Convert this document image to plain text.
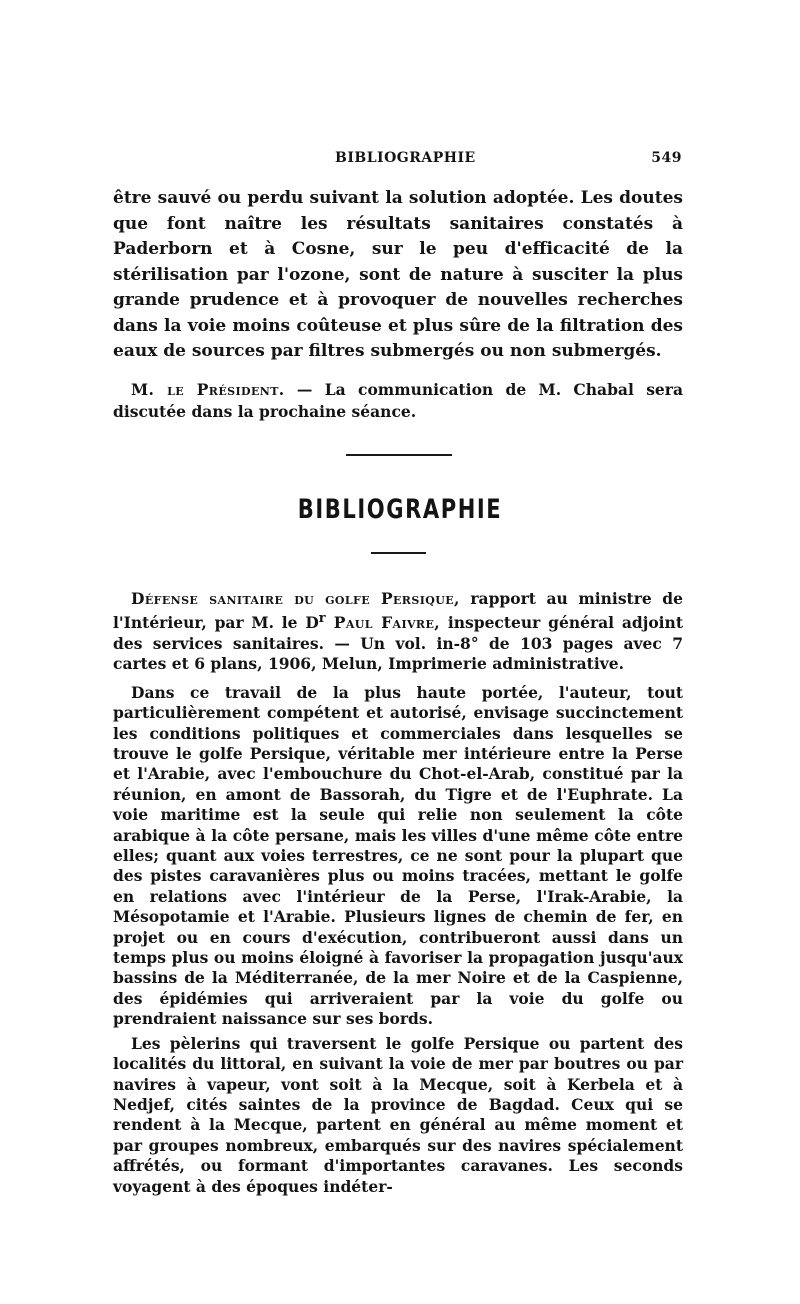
BIBLIOGRAPHIE	549

être sauvé ou perdu suivant la solution adoptée. Les doutes que font naître les résultats sanitaires constatés à Paderborn et à Cosne, sur le peu d'efficacité de la stérilisation par l'ozone, sont de nature à susciter la plus grande prudence et à provoquer de nouvelles recherches dans la voie moins coûteuse et plus sûre de la filtration des eaux de sources par filtres submergés ou non submergés.

M. le Président. — La communication de M. Chabal sera discutée dans la prochaine séance.

BIBLIOGRAPHIE

Défense sanitaire du golfe Persique, rapport au ministre de l'Intérieur, par M. le $D^r$ Paul Faivre, inspecteur général adjoint des services sanitaires. — Un vol. in-8° de 103 pages avec 7 cartes et 6 plans, 1906, Melun, Imprimerie administrative.

Dans ce travail de la plus haute portée, l'auteur, tout particulièrement compétent et autorisé, envisage succinctement les conditions politiques et commerciales dans lesquelles se trouve le golfe Persique, véritable mer intérieure entre la Perse et l'Arabie, avec l'embouchure du Chot-el-Arab, constitué par la réunion, en amont de Bassorah, du Tigre et de l'Euphrate. La voie maritime est la seule qui relie non seulement la côte arabique à la côte persane, mais les villes d'une même côte entre elles; quant aux voies terrestres, ce ne sont pour la plupart que des pistes caravanières plus ou moins tracées, mettant le golfe en relations avec l'intérieur de la Perse, l'Irak-Arabie, la Mésopotamie et l'Arabie. Plusieurs lignes de chemin de fer, en projet ou en cours d'exécution, contribueront aussi dans un temps plus ou moins éloigné à favoriser la propagation jusqu'aux bassins de la Méditerranée, de la mer Noire et de la Caspienne, des épidémies qui arriveraient par la voie du golfe ou prendraient naissance sur ses bords.

Les pèlerins qui traversent le golfe Persique ou partent des localités du littoral, en suivant la voie de mer par boutres ou par navires à vapeur, vont soit à la Mecque, soit à Kerbela et à Nedjef, cités saintes de la province de Bagdad. Ceux qui se rendent à la Mecque, partent en général au même moment et par groupes nombreux, embarqués sur des navires spécialement affrétés, ou formant d'importantes caravanes. Les seconds voyagent à des époques indéter-
